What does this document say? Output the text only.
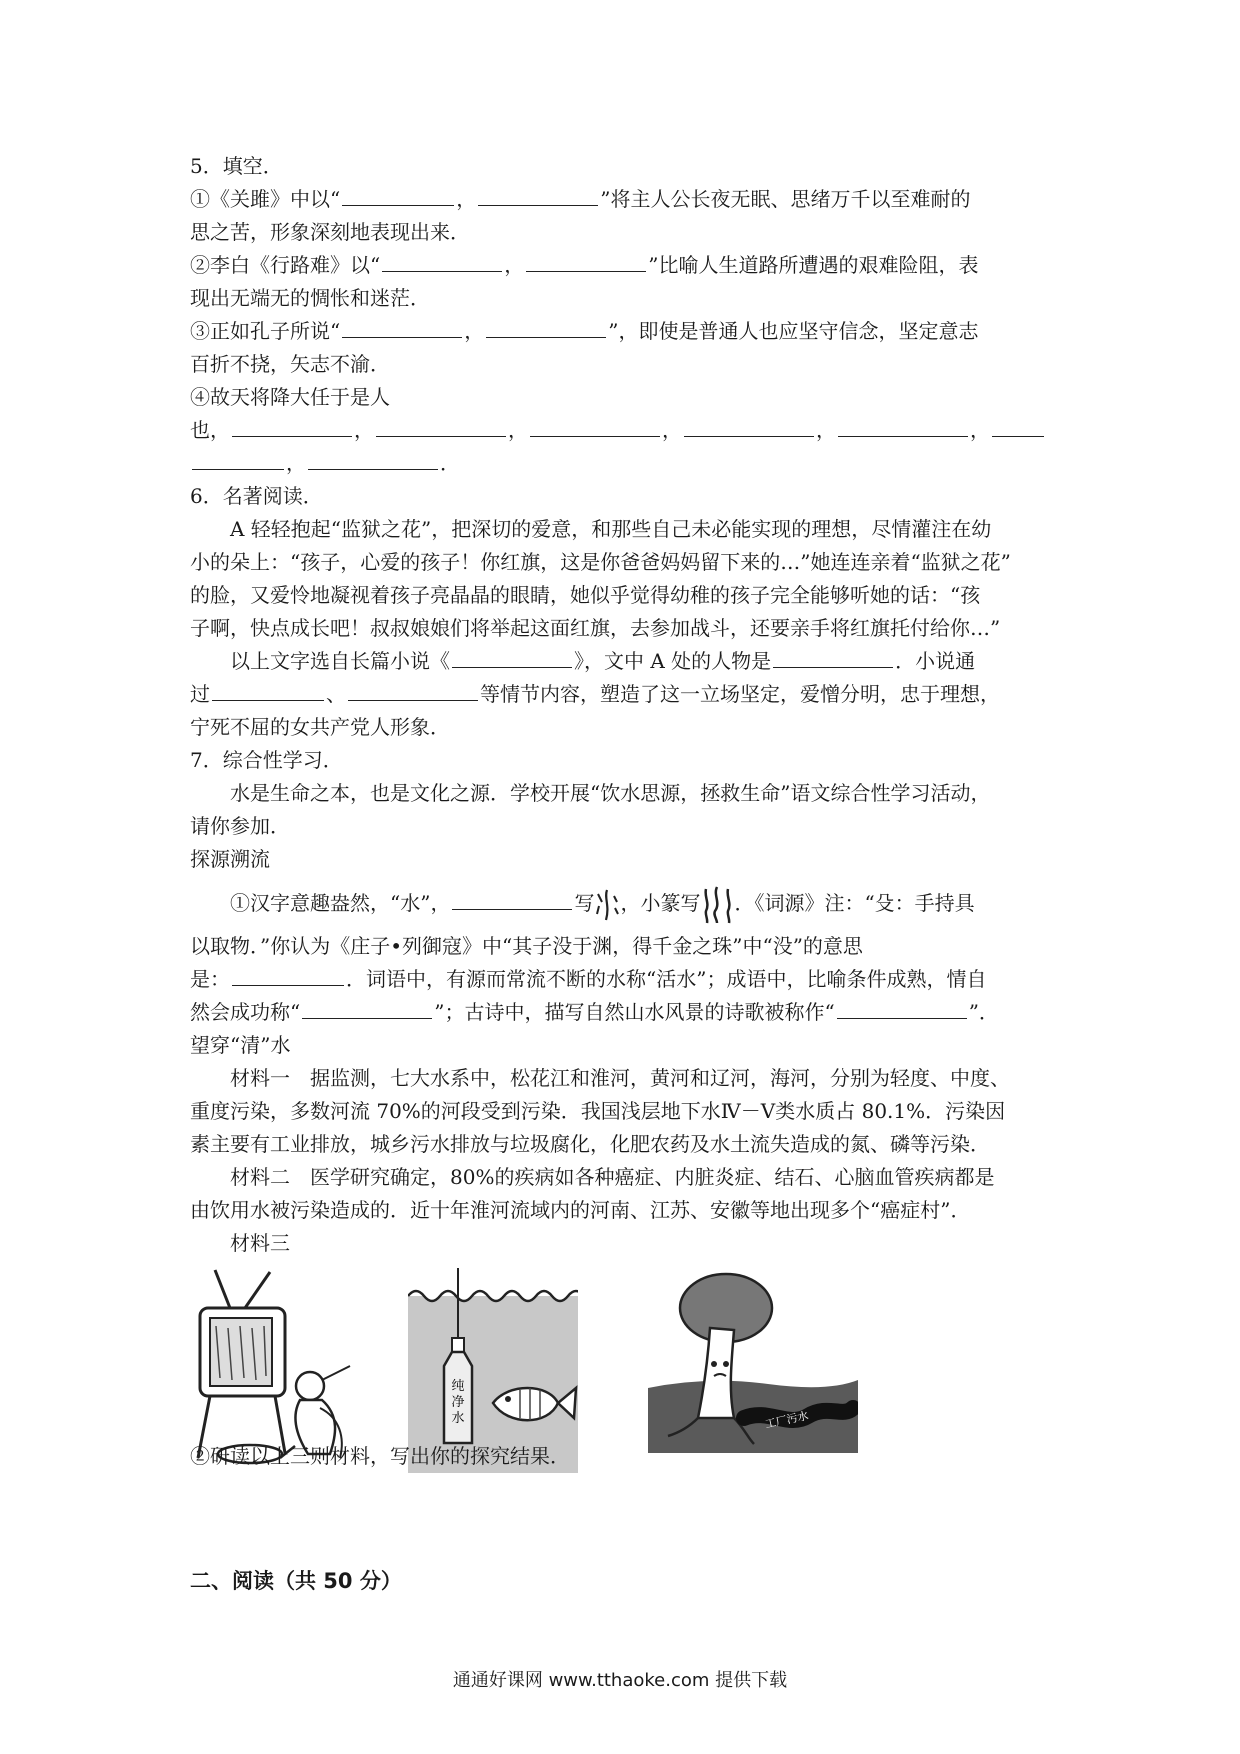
5．填空．
①《关雎》中以“	，	”将主人公长夜无眠、思绪万千以至难耐的
思之苦，形象深刻地表现出来．
②李白《行路难》以“	，	”比喻人生道路所遭遇的艰难险阻，表
现出无端无的惆怅和迷茫．
③正如孔子所说“	，	”，即使是普通人也应坚守信念，坚定意志
百折不挠，矢志不渝．
④故天将降大任于是人
也，	，	，	，	，	，
，	．
6．名著阅读．
A 轻轻抱起“监狱之花”，把深切的爱意，和那些自己未必能实现的理想，尽情灌注在幼
小的朵上：“孩子，心爱的孩子！你红旗，这是你爸爸妈妈留下来的…”她连连亲着“监狱之花”
的脸，又爱怜地凝视着孩子亮晶晶的眼睛，她似乎觉得幼稚的孩子完全能够听她的话：“孩
子啊，快点成长吧！叔叔娘娘们将举起这面红旗，去参加战斗，还要亲手将红旗托付给你…”
以上文字选自长篇小说《	》，文中 A 处的人物是	．小说通
过	、	等情节内容，塑造了这一立场坚定，爱憎分明，忠于理想，
宁死不屈的女共产党人形象．
7．综合性学习．
水是生命之本，也是文化之源．学校开展“饮水思源，拯救生命”语文综合性学习活动，
请你参加．
探源溯流
①汉字意趣盎然，“水”，	写 ，小篆写 ．《词源》注：“殳：手持具
以取物．”你认为《庄子•列御寇》中“其子没于渊，得千金之珠”中“没”的意思
是：	．词语中，有源而常流不断的水称“活水”；成语中，比喻条件成熟，情自
然会成功称“	”；古诗中，描写自然山水风景的诗歌被称作“	”．
望穿“清”水
材料一　据监测，七大水系中，松花江和淮河，黄河和辽河，海河，分别为轻度、中度、
重度污染，多数河流 70%的河段受到污染．我国浅层地下水Ⅳ－Ⅴ类水质占 80.1%．污染因
素主要有工业排放，城乡污水排放与垃圾腐化，化肥农药及水土流失造成的氮、磷等污染．
材料二　医学研究确定，80%的疾病如各种癌症、内脏炎症、结石、心脑血管疾病都是
由饮用水被污染造成的．近十年淮河流域内的河南、江苏、安徽等地出现多个“癌症村”．
材料三
纯净水	工厂污水
②研读以上三则材料，写出你的探究结果．
二、阅读（共 50 分）
通通好课网 www.tthaoke.com 提供下载
